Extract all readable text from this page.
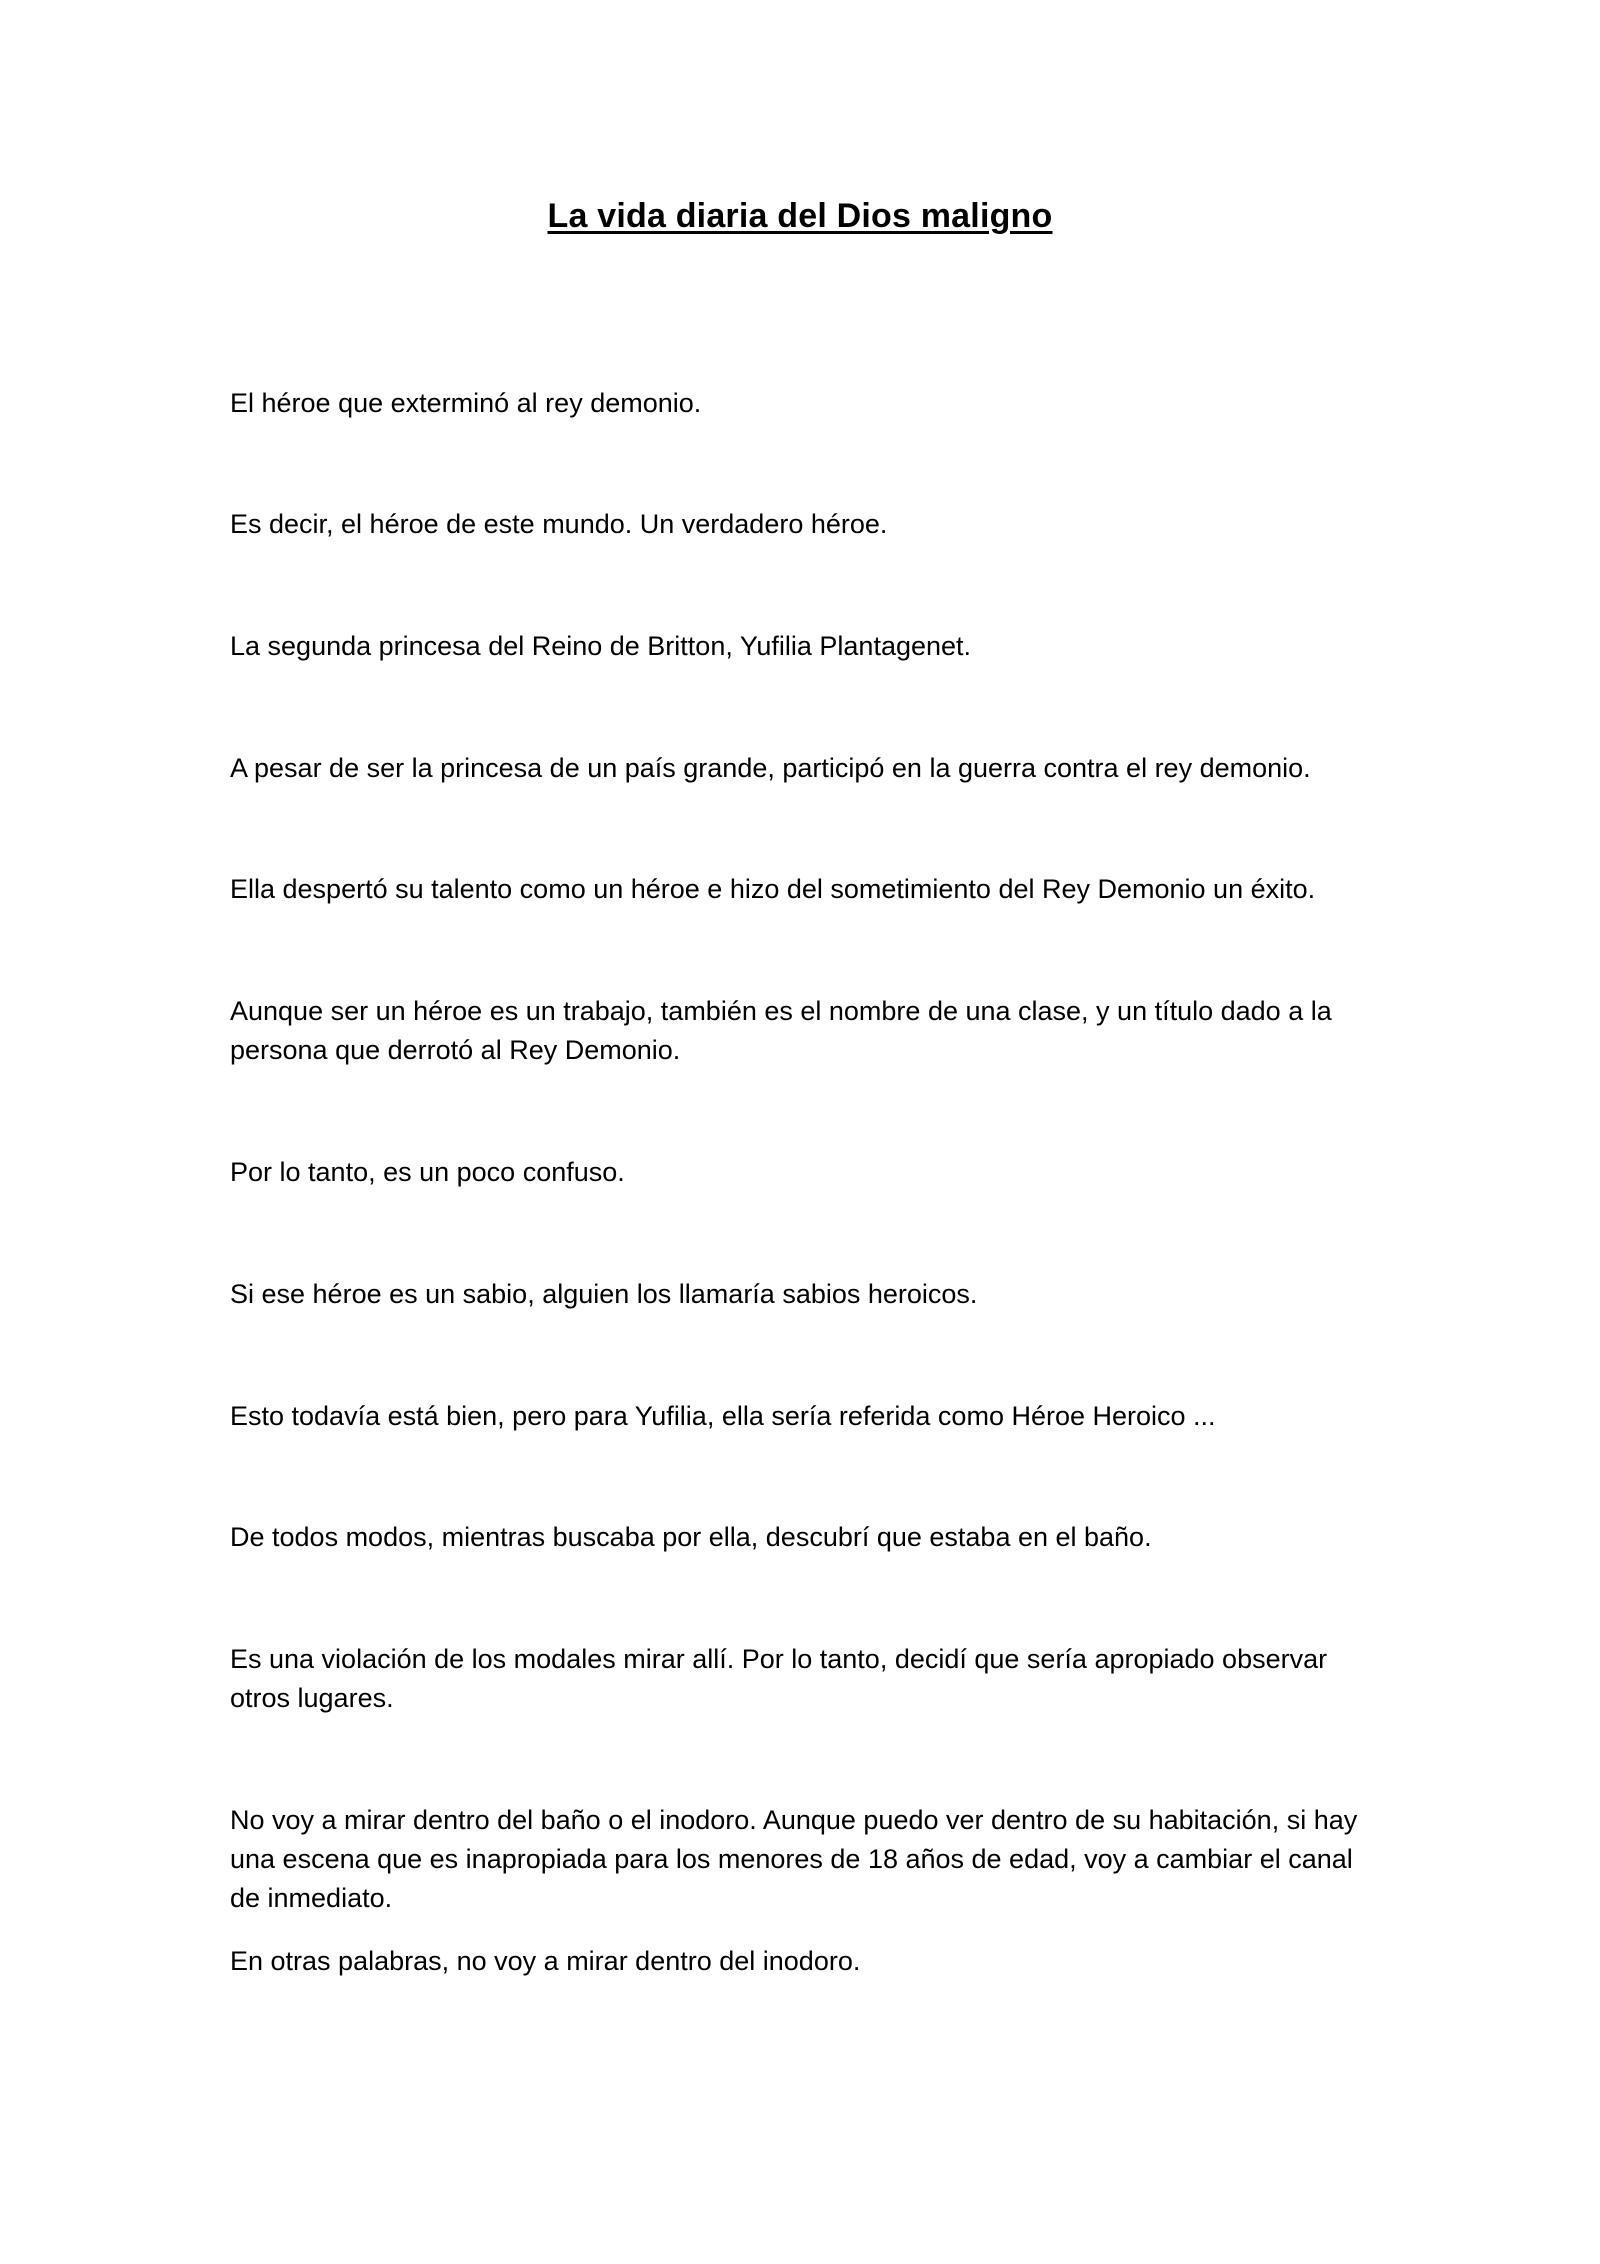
La vida diaria del Dios maligno

El héroe que exterminó al rey demonio.

Es decir, el héroe de este mundo. Un verdadero héroe.

La segunda princesa del Reino de Britton, Yufilia Plantagenet.

A pesar de ser la princesa de un país grande, participó en la guerra contra el rey demonio.

Ella despertó su talento como un héroe e hizo del sometimiento del Rey Demonio un éxito.

Aunque ser un héroe es un trabajo, también es el nombre de una clase, y un título dado a la persona que derrotó al Rey Demonio.

Por lo tanto, es un poco confuso.

Si ese héroe es un sabio, alguien los llamaría sabios heroicos.

Esto todavía está bien, pero para Yufilia, ella sería referida como Héroe Heroico ...

De todos modos, mientras buscaba por ella, descubrí que estaba en el baño.

Es una violación de los modales mirar allí. Por lo tanto, decidí que sería apropiado observar otros lugares.

No voy a mirar dentro del baño o el inodoro. Aunque puedo ver dentro de su habitación, si hay una escena que es inapropiada para los menores de 18 años de edad, voy a cambiar el canal de inmediato.

En otras palabras, no voy a mirar dentro del inodoro.
